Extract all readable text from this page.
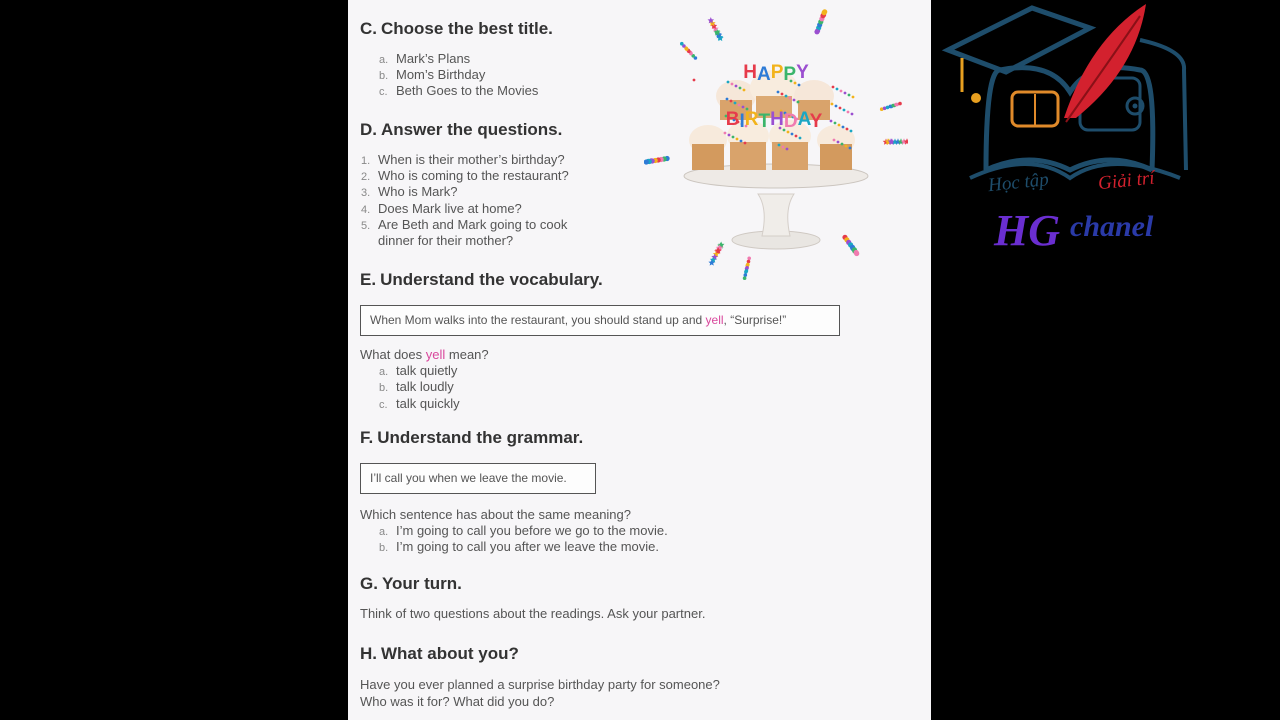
C. Choose the best title.
a. Mark’s Plans
b. Mom’s Birthday
c. Beth Goes to the Movies
D. Answer the questions.
1. When is their mother’s birthday?
2. Who is coming to the restaurant?
3. Who is Mark?
4. Does Mark live at home?
5. Are Beth and Mark going to cook
dinner for their mother?
E. Understand the vocabulary.
When Mom walks into the restaurant, you should stand up and yell, “Surprise!”
What does yell mean?
a. talk quietly
b. talk loudly
c. talk quickly
F. Understand the grammar.
I’ll call you when we leave the movie.
Which sentence has about the same meaning?
a. I’m going to call you before we go to the movie.
b. I’m going to call you after we leave the movie.
G. Your turn.
Think of two questions about the readings. Ask your partner.
H. What about you?
Have you ever planned a surprise birthday party for someone?
Who was it for? What did you do?
HAPPY
BIRTHDAY
Học tập Giải trí
HG chanel
